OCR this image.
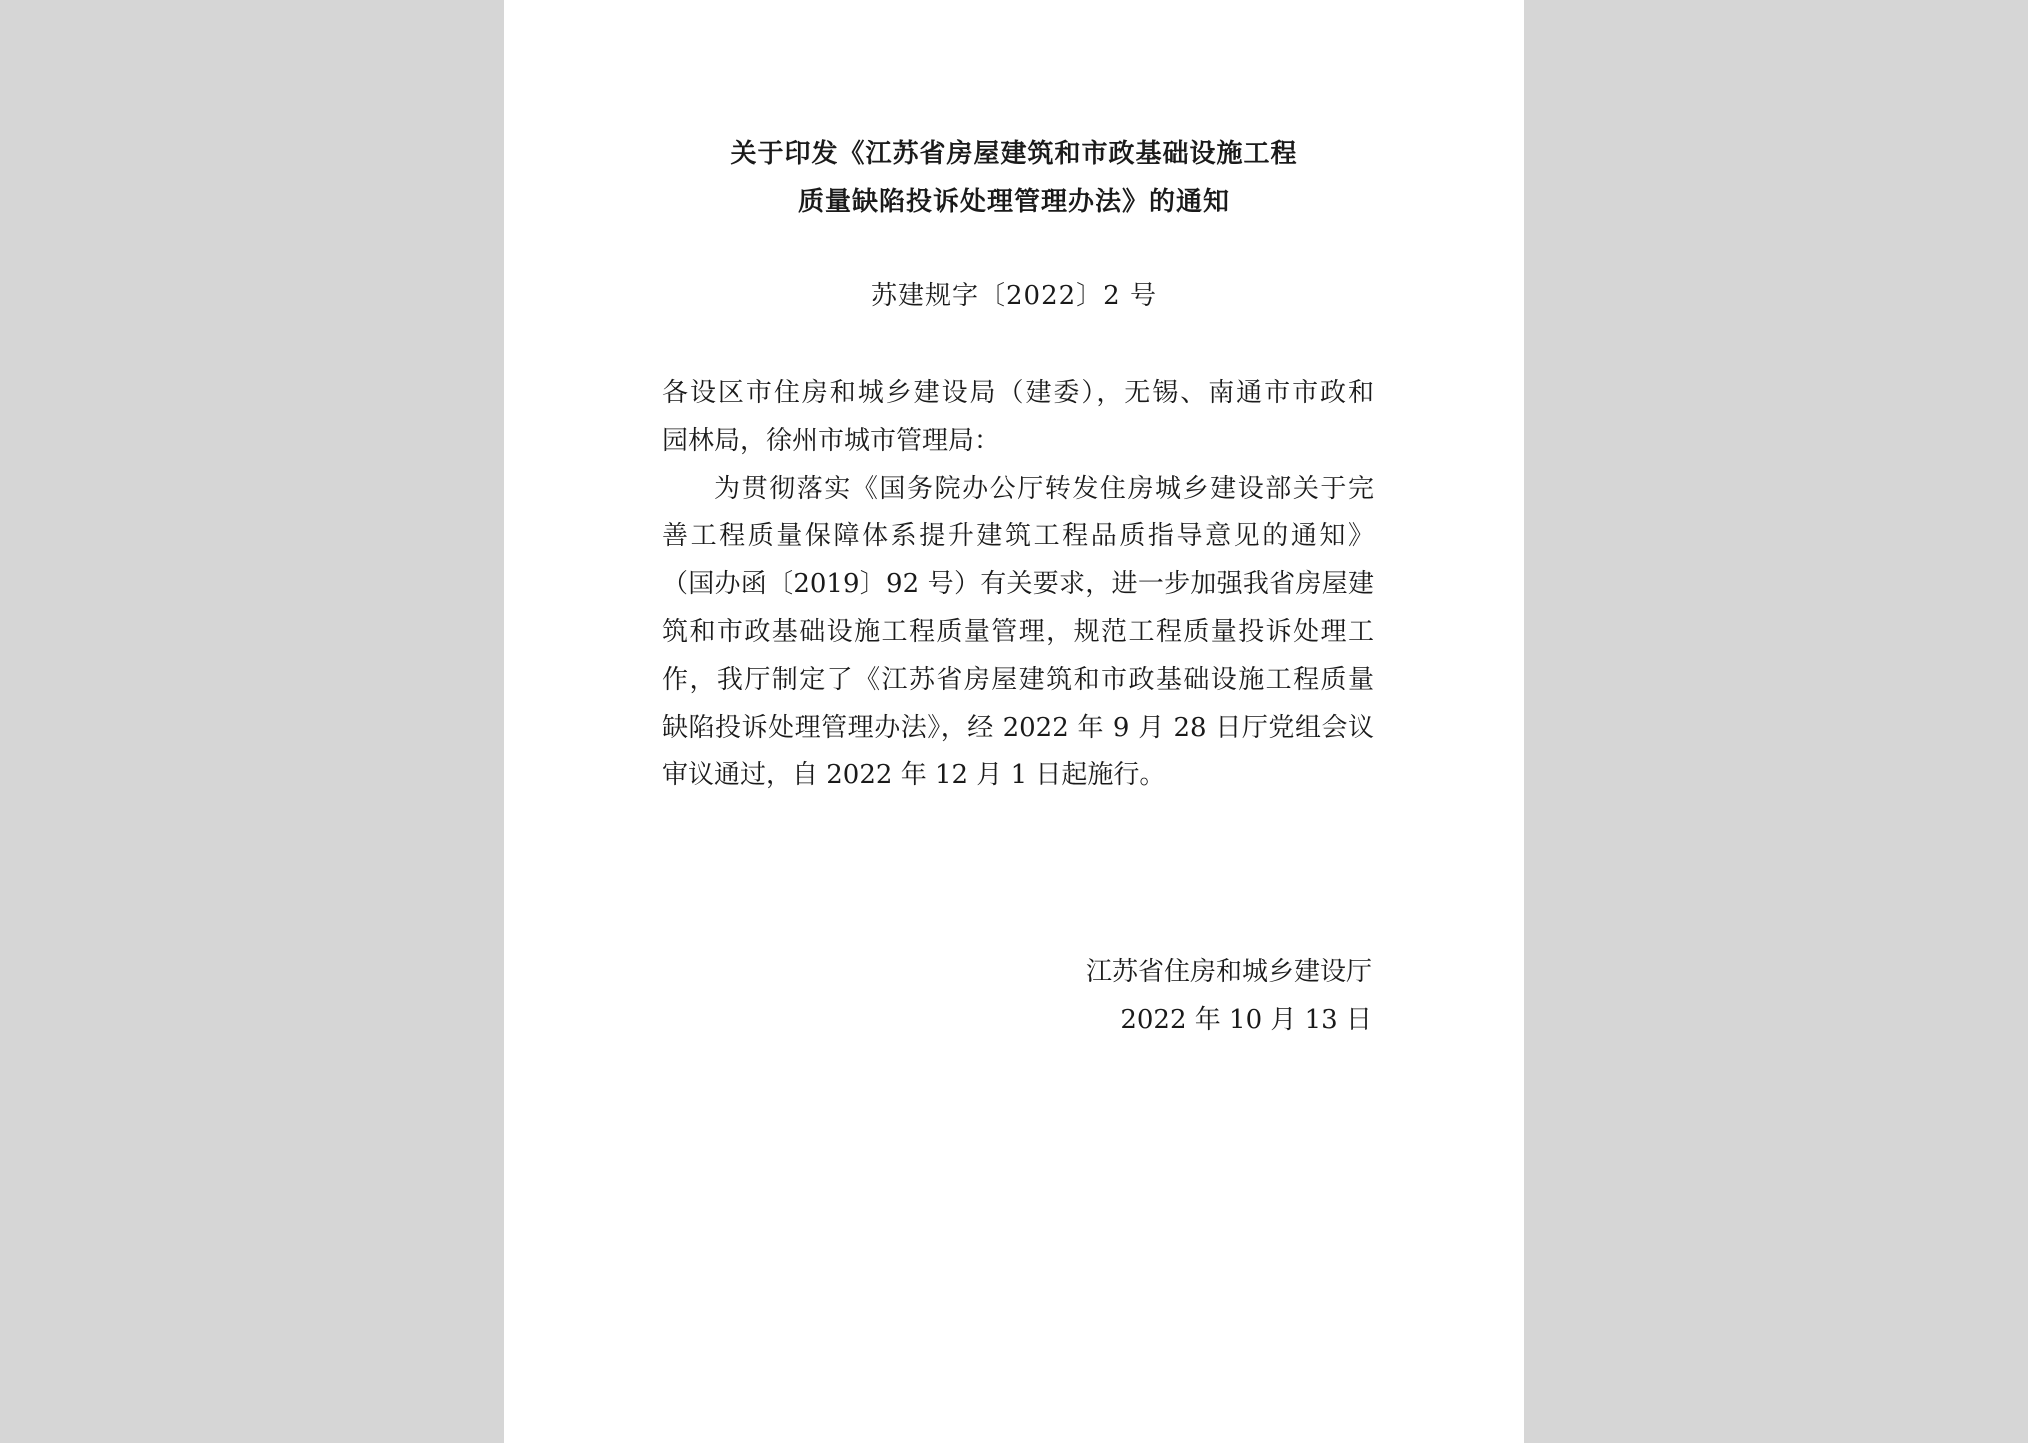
关于印发《江苏省房屋建筑和市政基础设施工程
质量缺陷投诉处理管理办法》的通知
苏建规字〔2022〕2 号
各设区市住房和城乡建设局（建委），无锡、南通市市政和
园林局，徐州市城市管理局：
为贯彻落实《国务院办公厅转发住房城乡建设部关于完
善工程质量保障体系提升建筑工程品质指导意见的通知》
（国办函〔2019〕92 号）有关要求，进一步加强我省房屋建
筑和市政基础设施工程质量管理，规范工程质量投诉处理工
作，我厅制定了《江苏省房屋建筑和市政基础设施工程质量
缺陷投诉处理管理办法》，经 2022 年 9 月 28 日厅党组会议
审议通过，自 2022 年 12 月 1 日起施行。
江苏省住房和城乡建设厅
2022 年 10 月 13 日
